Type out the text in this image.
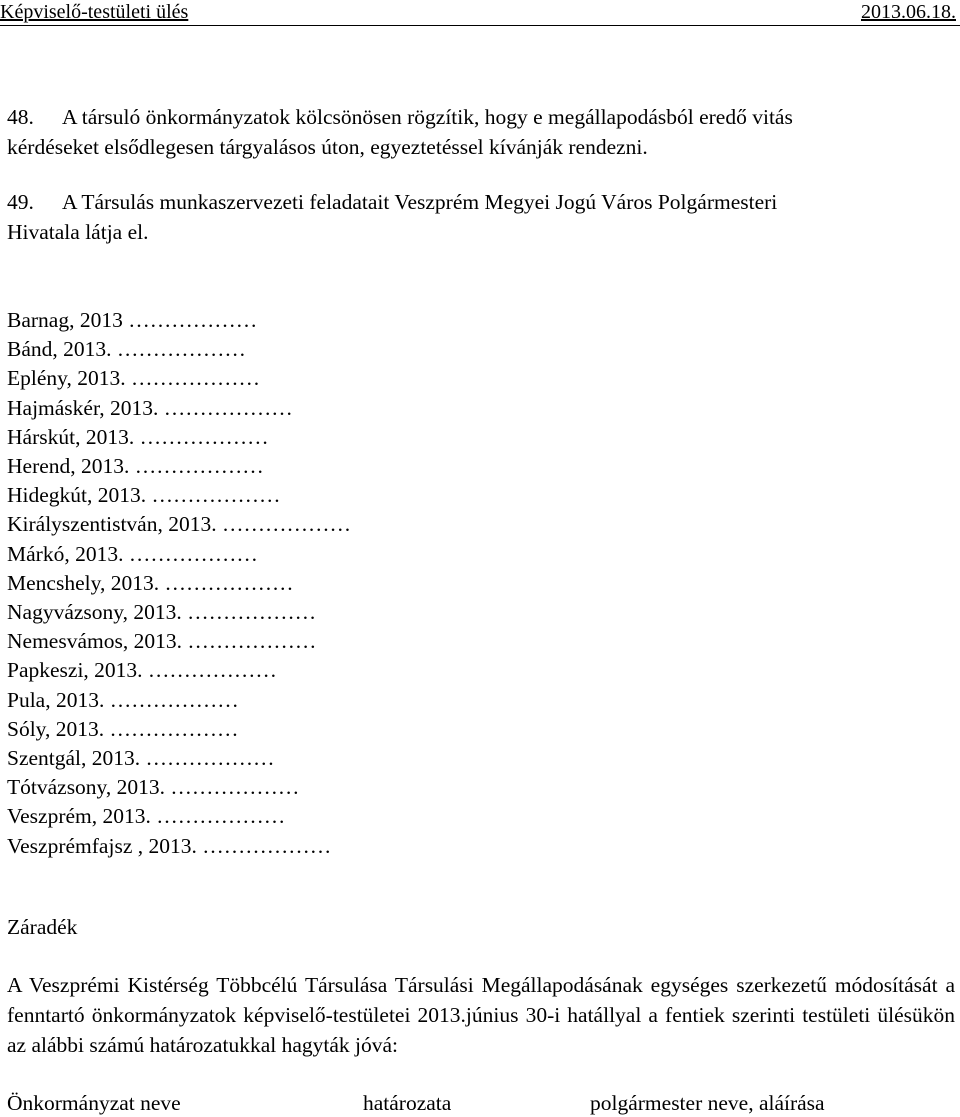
Képviselő-testületi ülés	2013.06.18.
48. A társuló önkormányzatok kölcsönösen rögzítik, hogy e megállapodásból eredő vitás
kérdéseket elsődlegesen tárgyalásos úton, egyeztetéssel kívánják rendezni.
49. A Társulás munkaszervezeti feladatait Veszprém Megyei Jogú Város Polgármesteri
Hivatala látja el.
Barnag, 2013 ………………
Bánd, 2013. ………………
Eplény, 2013. ………………
Hajmáskér, 2013. ………………
Hárskút, 2013. ………………
Herend, 2013. ………………
Hidegkút, 2013. ………………
Királyszentistván, 2013. ………………
Márkó, 2013. ………………
Mencshely, 2013. ………………
Nagyvázsony, 2013. ………………
Nemesvámos, 2013. ………………
Papkeszi, 2013. ………………
Pula, 2013. ………………
Sóly, 2013. ………………
Szentgál, 2013. ………………
Tótvázsony, 2013. ………………
Veszprém, 2013. ………………
Veszprémfajsz , 2013. ………………
Záradék
A Veszprémi Kistérség Többcélú Társulása Társulási Megállapodásának egységes szerkezetű módosítását a fenntartó önkormányzatok képviselő-testületei 2013.június 30-i hatállyal a fentiek szerinti testületi ülésükön az alábbi számú határozatukkal hagyták jóvá:
Önkormányzat neve	határozata	polgármester neve, aláírása
